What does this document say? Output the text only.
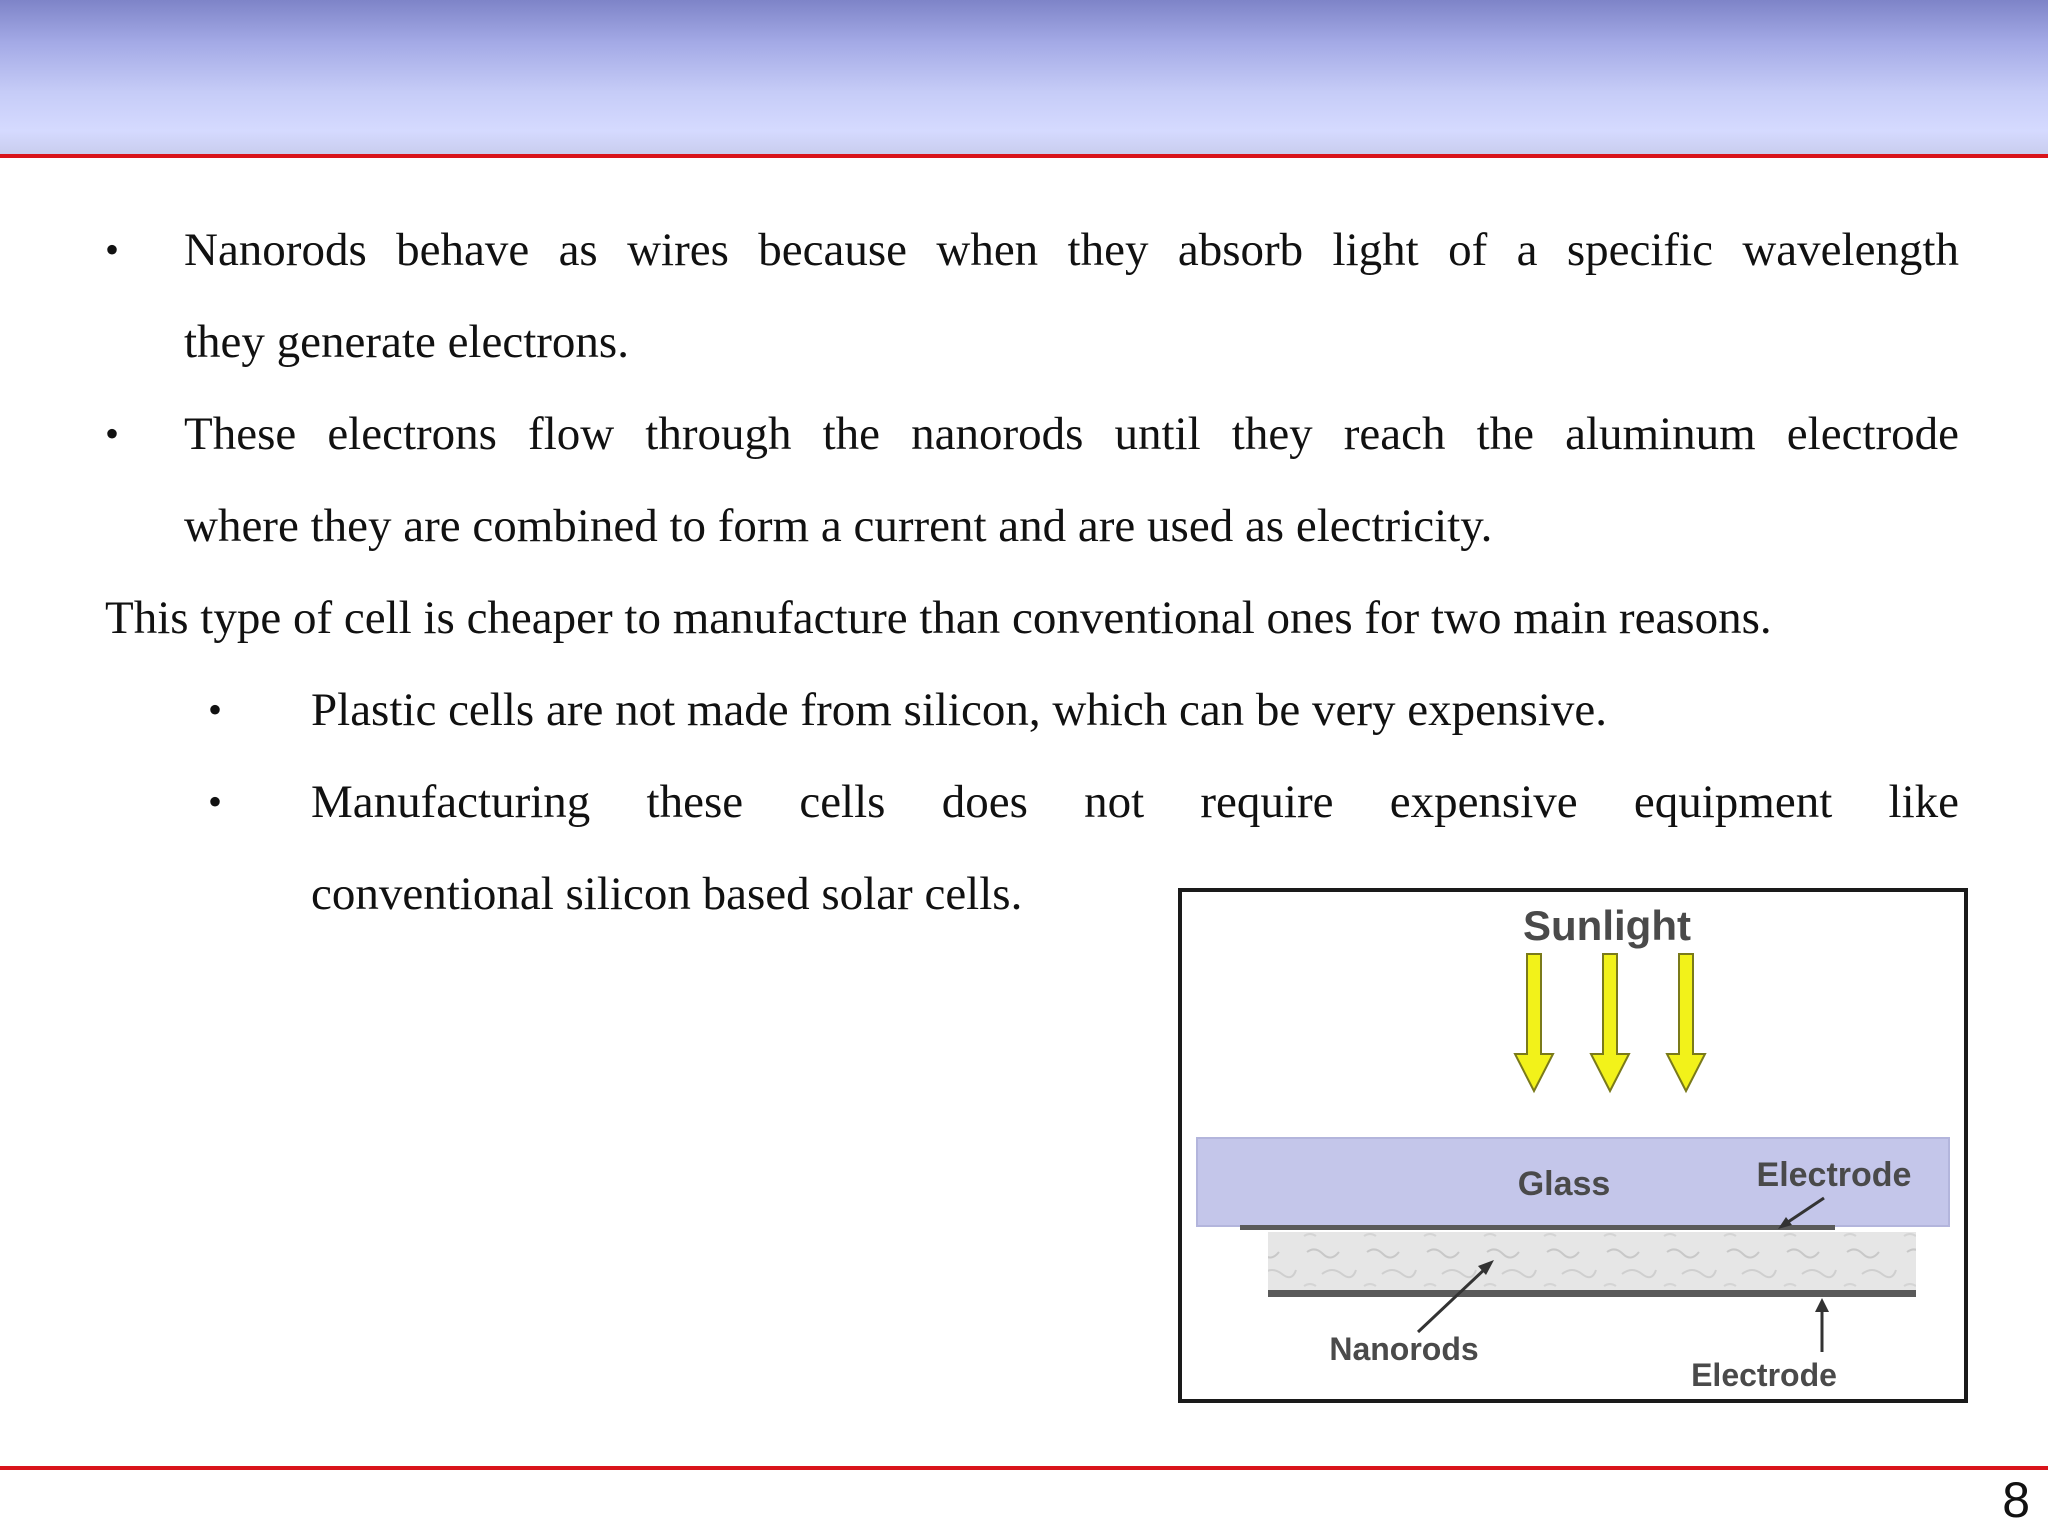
• Nanorods behave as wires because when they absorb light of a specific wavelength
they generate electrons.
• These electrons flow through the nanorods until they reach the aluminum electrode
where they are combined to form a current and are used as electricity.
This type of cell is cheaper to manufacture than conventional ones for two main reasons.
• Plastic cells are not made from silicon, which can be very expensive.
• Manufacturing these cells does not require expensive equipment like
conventional silicon based solar cells.
Sunlight
Glass	Electrode
Nanorods
Electrode
8
